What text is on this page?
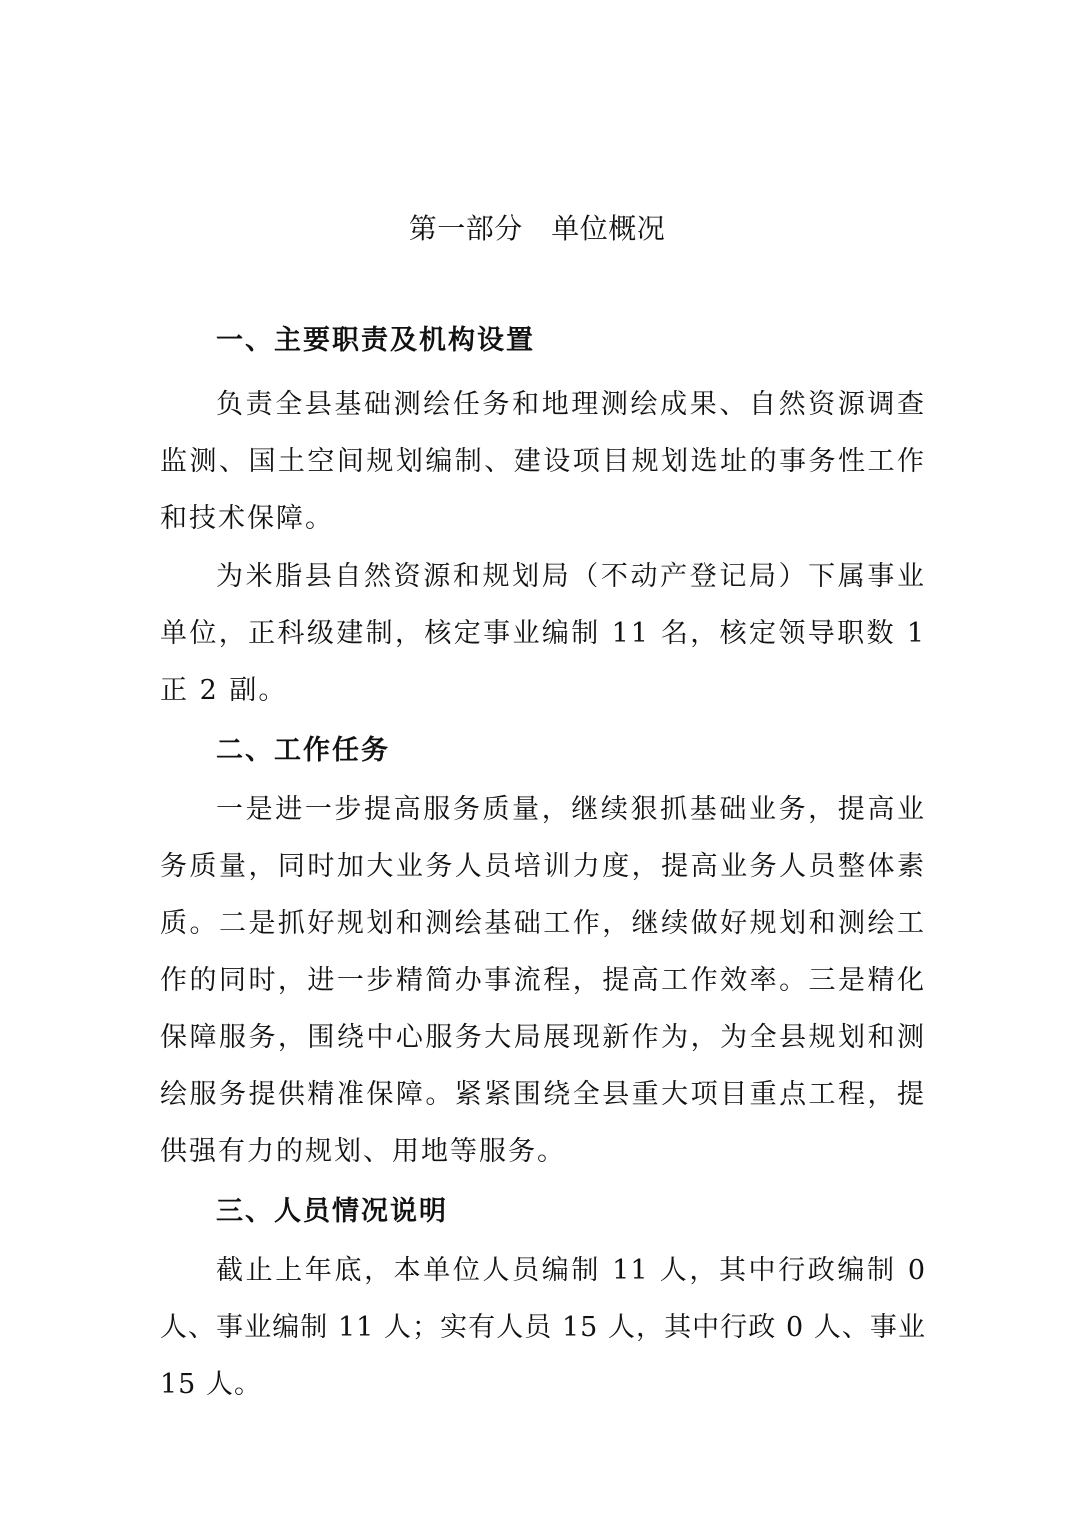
第一部分　单位概况
一、主要职责及机构设置

负责全县基础测绘任务和地理测绘成果、自然资源调查监测、国土空间规划编制、建设项目规划选址的事务性工作和技术保障。

为米脂县自然资源和规划局（不动产登记局）下属事业单位，正科级建制，核定事业编制 11 名，核定领导职数 1 正 2 副。

二、工作任务

一是进一步提高服务质量，继续狠抓基础业务，提高业务质量，同时加大业务人员培训力度，提高业务人员整体素质。二是抓好规划和测绘基础工作，继续做好规划和测绘工作的同时，进一步精简办事流程，提高工作效率。三是精化保障服务，围绕中心服务大局展现新作为，为全县规划和测绘服务提供精准保障。紧紧围绕全县重大项目重点工程，提供强有力的规划、用地等服务。

三、人员情况说明

截止上年底，本单位人员编制 11 人，其中行政编制 0 人、事业编制 11 人；实有人员 15 人，其中行政 0 人、事业 15 人。
